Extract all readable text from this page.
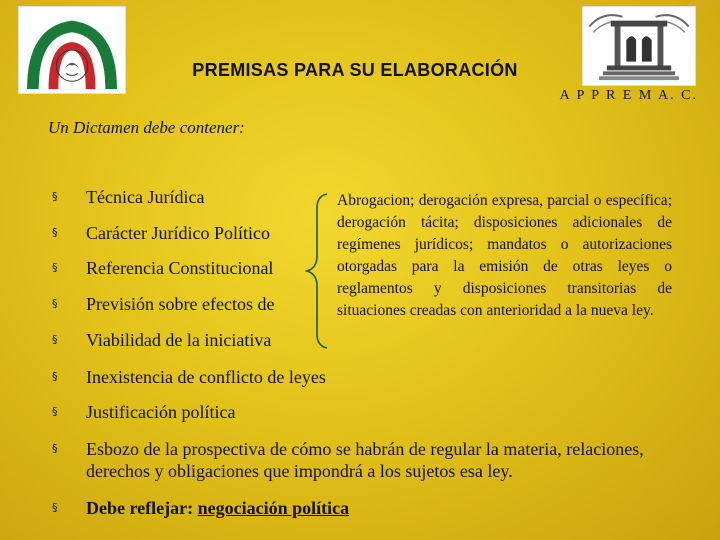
PREMISAS PARA SU ELABORACIÓN
A P P R E M A. C.
Un Dictamen debe contener:
§	Técnica Jurídica
§	Carácter Jurídico Político
§	Referencia Constitucional
§	Previsión sobre efectos de
§	Viabilidad de la iniciativa
§	Inexistencia de conflicto de leyes
§	Justificación política
§	Esbozo de la prospectiva de cómo se habrán de regular la materia, relaciones, derechos y obligaciones que impondrá a los sujetos esa ley.
§	Debe reflejar: negociación política
Abrogacion; derogación expresa, parcial o específica; derogación tácita; disposiciones adicionales de regímenes jurídicos; mandatos o autorizaciones otorgadas para la emisión de otras leyes o reglamentos y disposiciones transitorias de situaciones creadas con anterioridad a la nueva ley.
